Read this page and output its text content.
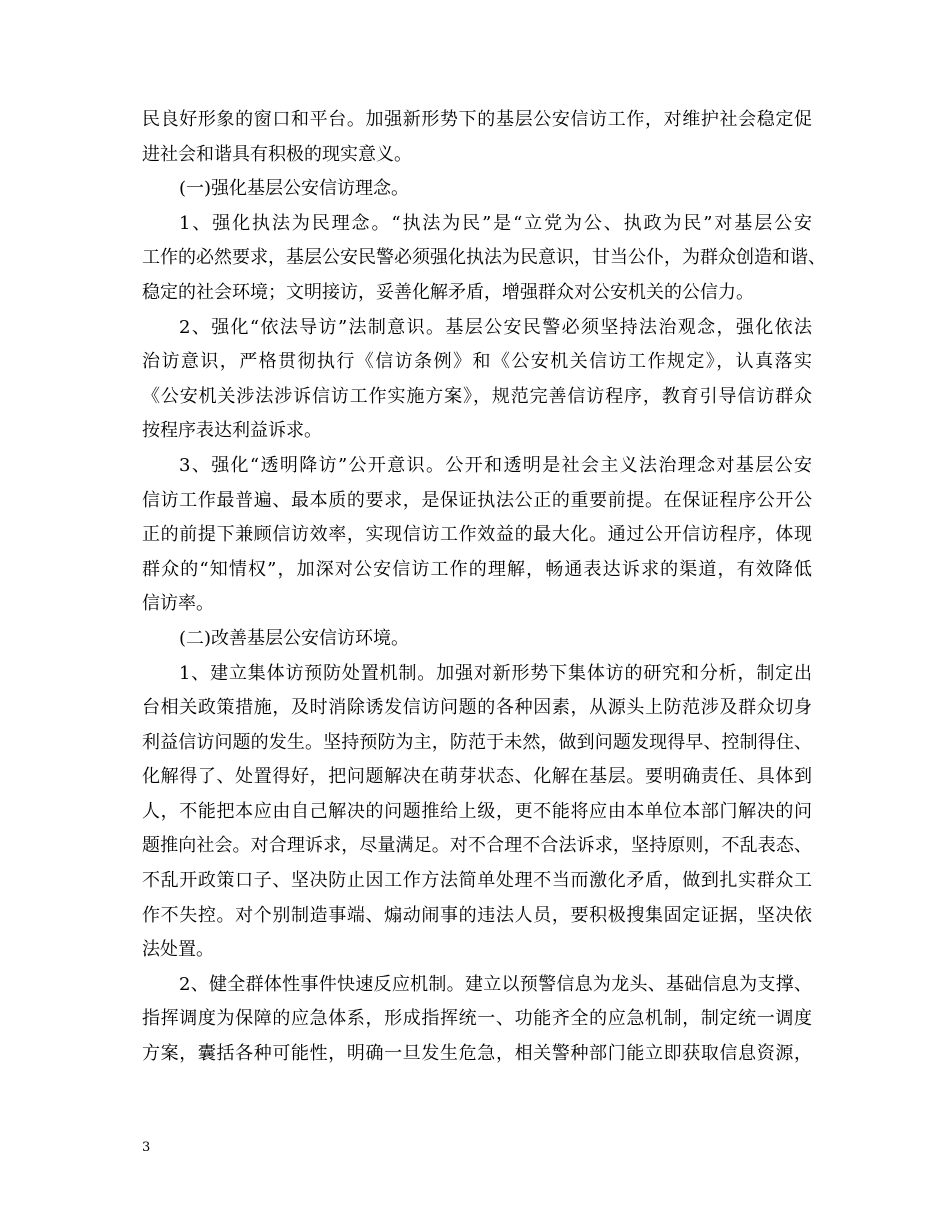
民良好形象的窗口和平台。加强新形势下的基层公安信访工作，对维护社会稳定促
进社会和谐具有积极的现实意义。
(一)强化基层公安信访理念。
1、强化执法为民理念。“执法为民”是“立党为公、执政为民”对基层公安
工作的必然要求，基层公安民警必须强化执法为民意识，甘当公仆，为群众创造和谐、
稳定的社会环境；文明接访，妥善化解矛盾，增强群众对公安机关的公信力。
2、强化“依法导访”法制意识。基层公安民警必须坚持法治观念，强化依法
治访意识，严格贯彻执行《信访条例》和《公安机关信访工作规定》，认真落实
《公安机关涉法涉诉信访工作实施方案》，规范完善信访程序，教育引导信访群众
按程序表达利益诉求。
3、强化“透明降访”公开意识。公开和透明是社会主义法治理念对基层公安
信访工作最普遍、最本质的要求，是保证执法公正的重要前提。在保证程序公开公
正的前提下兼顾信访效率，实现信访工作效益的最大化。通过公开信访程序，体现
群众的“知情权”，加深对公安信访工作的理解，畅通表达诉求的渠道，有效降低
信访率。
(二)改善基层公安信访环境。
1、建立集体访预防处置机制。加强对新形势下集体访的研究和分析，制定出
台相关政策措施，及时消除诱发信访问题的各种因素，从源头上防范涉及群众切身
利益信访问题的发生。坚持预防为主，防范于未然，做到问题发现得早、控制得住、
化解得了、处置得好，把问题解决在萌芽状态、化解在基层。要明确责任、具体到
人，不能把本应由自己解决的问题推给上级，更不能将应由本单位本部门解决的问
题推向社会。对合理诉求，尽量满足。对不合理不合法诉求，坚持原则，不乱表态、
不乱开政策口子、坚决防止因工作方法简单处理不当而激化矛盾，做到扎实群众工
作不失控。对个别制造事端、煽动闹事的违法人员，要积极搜集固定证据，坚决依
法处置。
2、健全群体性事件快速反应机制。建立以预警信息为龙头、基础信息为支撑、
指挥调度为保障的应急体系，形成指挥统一、功能齐全的应急机制，制定统一调度
方案，囊括各种可能性，明确一旦发生危急，相关警种部门能立即获取信息资源，
3
